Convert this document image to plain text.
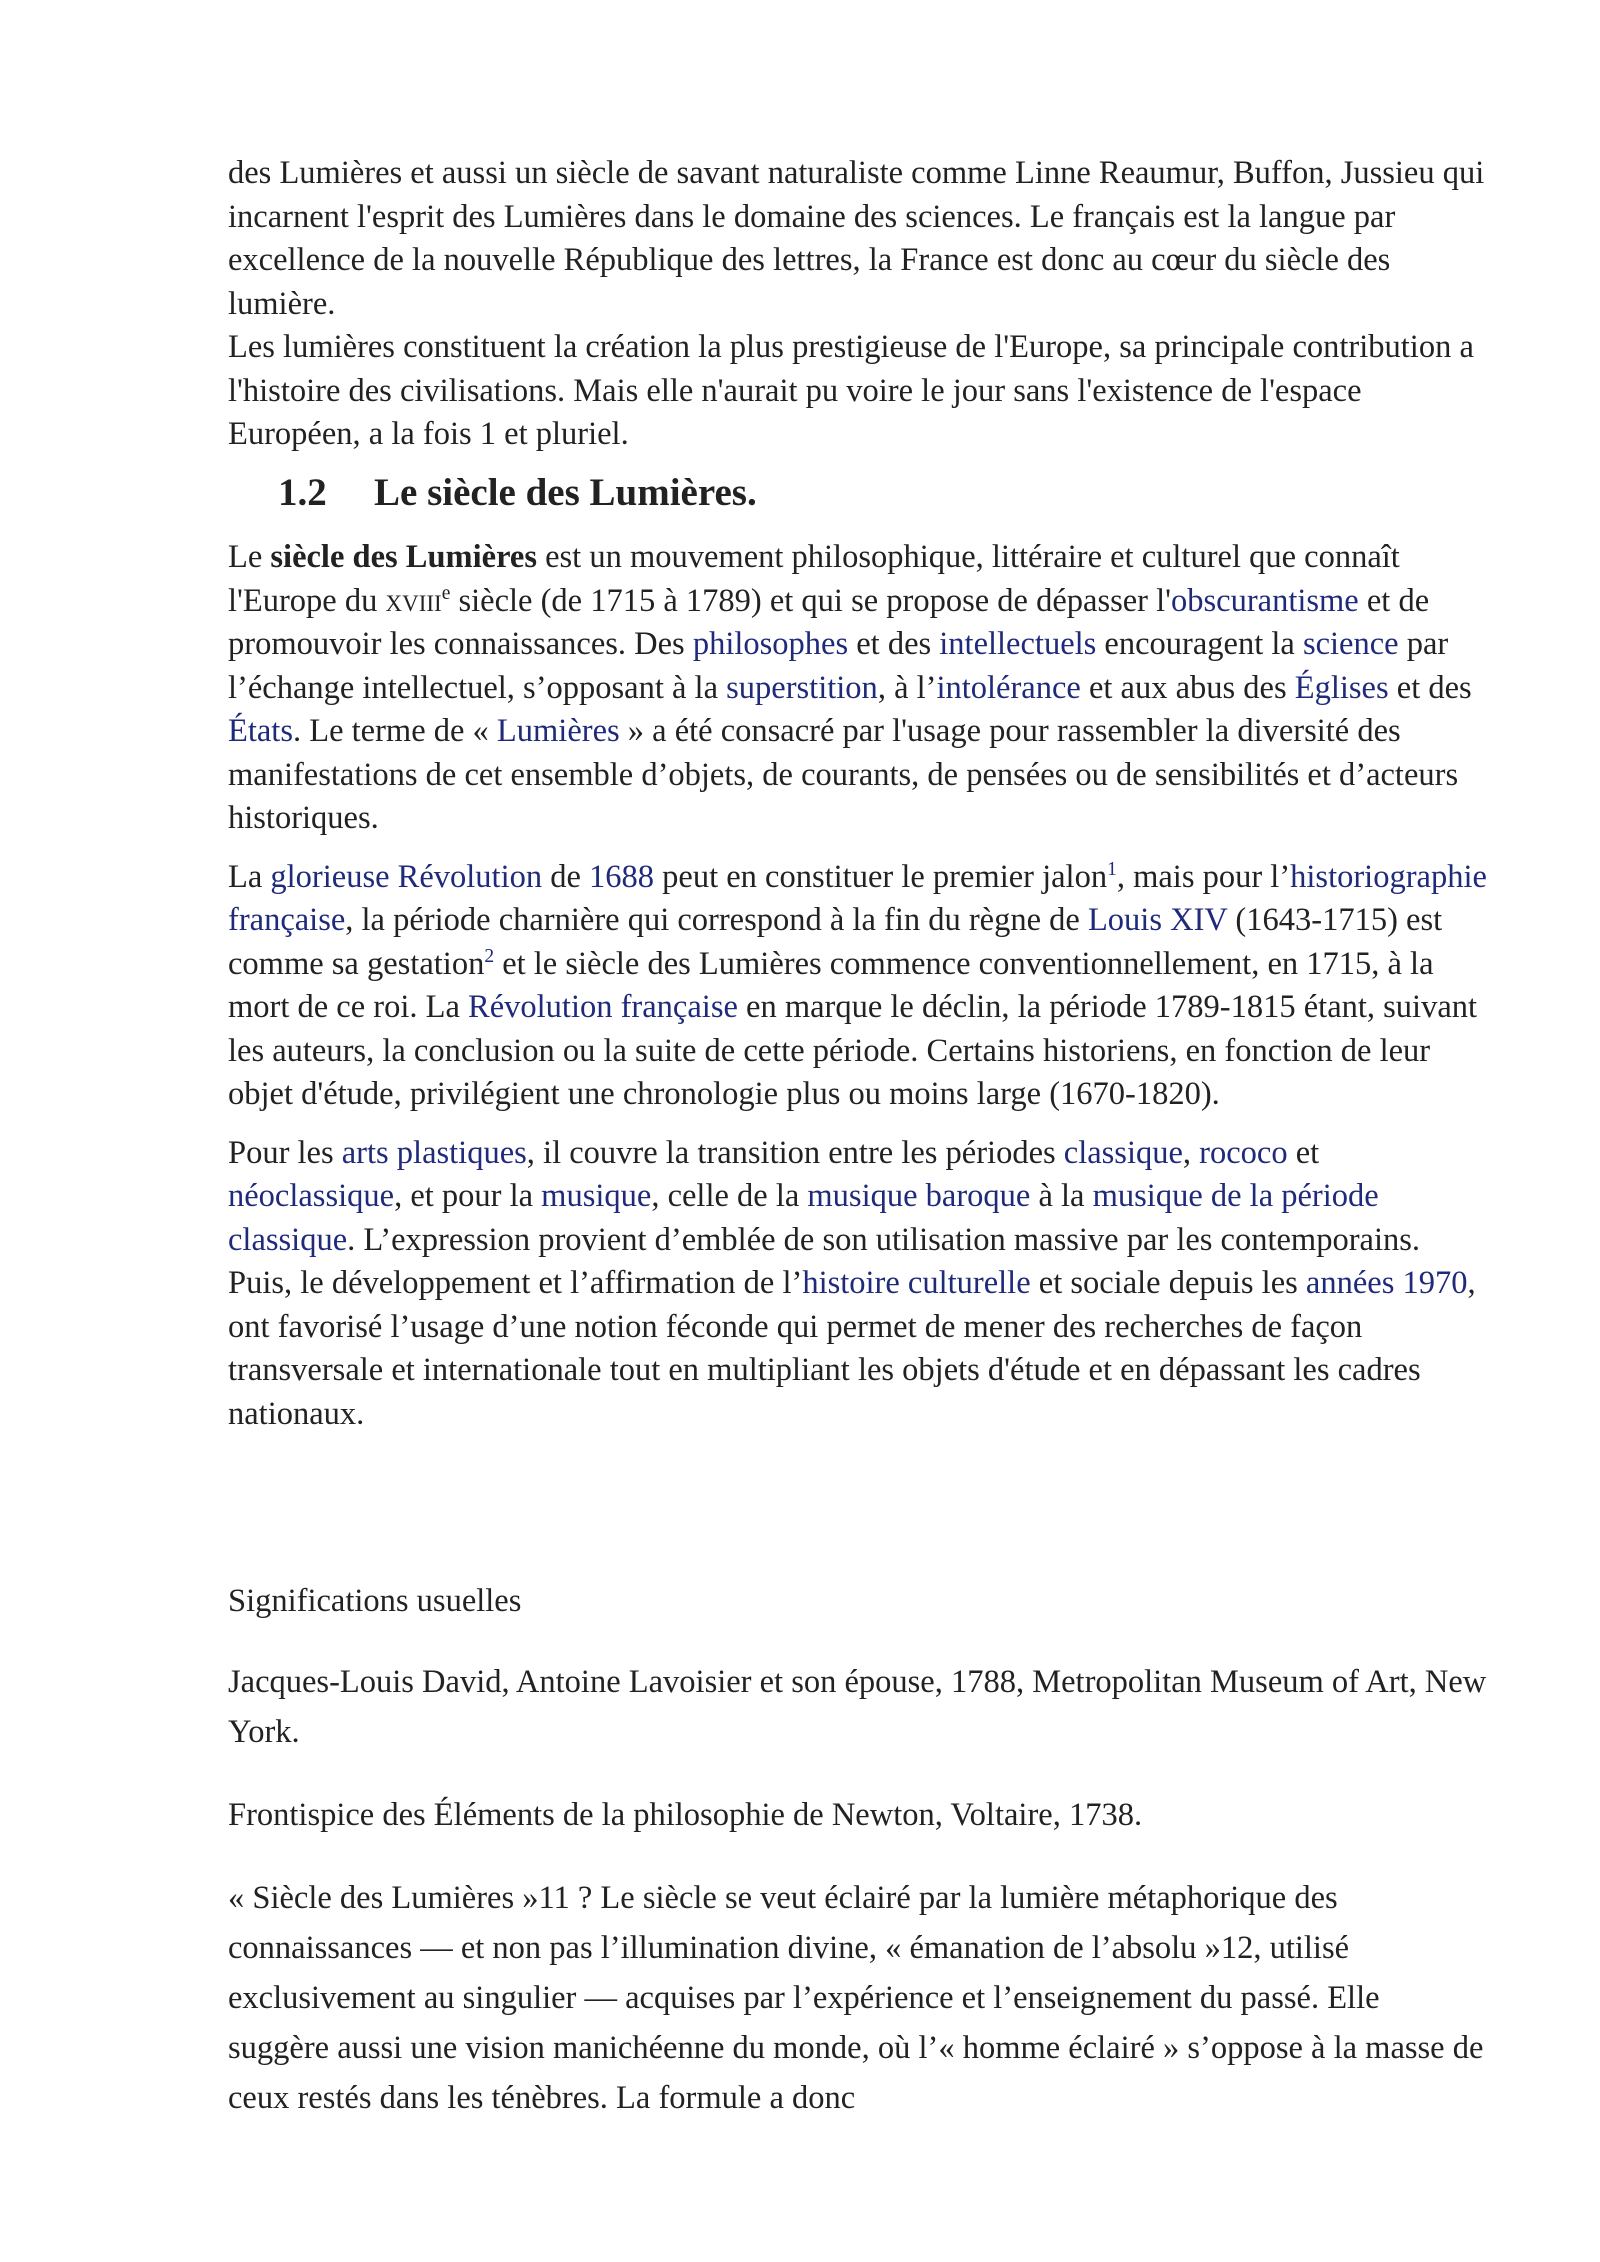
des Lumières et aussi un siècle de savant naturaliste comme Linne Reaumur, Buffon, Jussieu qui incarnent l'esprit des Lumières dans le domaine des sciences. Le français est la langue par excellence de la nouvelle République des lettres, la France est donc au cœur du siècle des lumière.

Les lumières constituent la création la plus prestigieuse de l'Europe, sa principale contribution a l'histoire des civilisations. Mais elle n'aurait pu voire le jour sans l'existence de l'espace Européen, a la fois 1 et pluriel.

1.2 Le siècle des Lumières.

Le siècle des Lumières est un mouvement philosophique, littéraire et culturel que connaît l'Europe du xviii$^e$ siècle (de 1715 à 1789) et qui se propose de dépasser l'obscurantisme et de promouvoir les connaissances. Des philosophes et des intellectuels encouragent la science par l’échange intellectuel, s’opposant à la superstition, à l’intolérance et aux abus des Églises et des États. Le terme de « Lumières » a été consacré par l'usage pour rassembler la diversité des manifestations de cet ensemble d’objets, de courants, de pensées ou de sensibilités et d’acteurs historiques.

La glorieuse Révolution de 1688 peut en constituer le premier jalon$^1$, mais pour l’historiographie française, la période charnière qui correspond à la fin du règne de Louis XIV (1643-1715) est comme sa gestation$^2$ et le siècle des Lumières commence conventionnellement, en 1715, à la mort de ce roi. La Révolution française en marque le déclin, la période 1789-1815 étant, suivant les auteurs, la conclusion ou la suite de cette période. Certains historiens, en fonction de leur objet d'étude, privilégient une chronologie plus ou moins large (1670-1820).

Pour les arts plastiques, il couvre la transition entre les périodes classique, rococo et néoclassique, et pour la musique, celle de la musique baroque à la musique de la période classique. L’expression provient d’emblée de son utilisation massive par les contemporains. Puis, le développement et l’affirmation de l’histoire culturelle et sociale depuis les années 1970, ont favorisé l’usage d’une notion féconde qui permet de mener des recherches de façon transversale et internationale tout en multipliant les objets d'étude et en dépassant les cadres nationaux.

Significations usuelles

Jacques-Louis David, Antoine Lavoisier et son épouse, 1788, Metropolitan Museum of Art, New York.

Frontispice des Éléments de la philosophie de Newton, Voltaire, 1738.

« Siècle des Lumières »11 ? Le siècle se veut éclairé par la lumière métaphorique des connaissances — et non pas l’illumination divine, « émanation de l’absolu »12, utilisé exclusivement au singulier — acquises par l’expérience et l’enseignement du passé. Elle suggère aussi une vision manichéenne du monde, où l’« homme éclairé » s’oppose à la masse de ceux restés dans les ténèbres. La formule a donc
